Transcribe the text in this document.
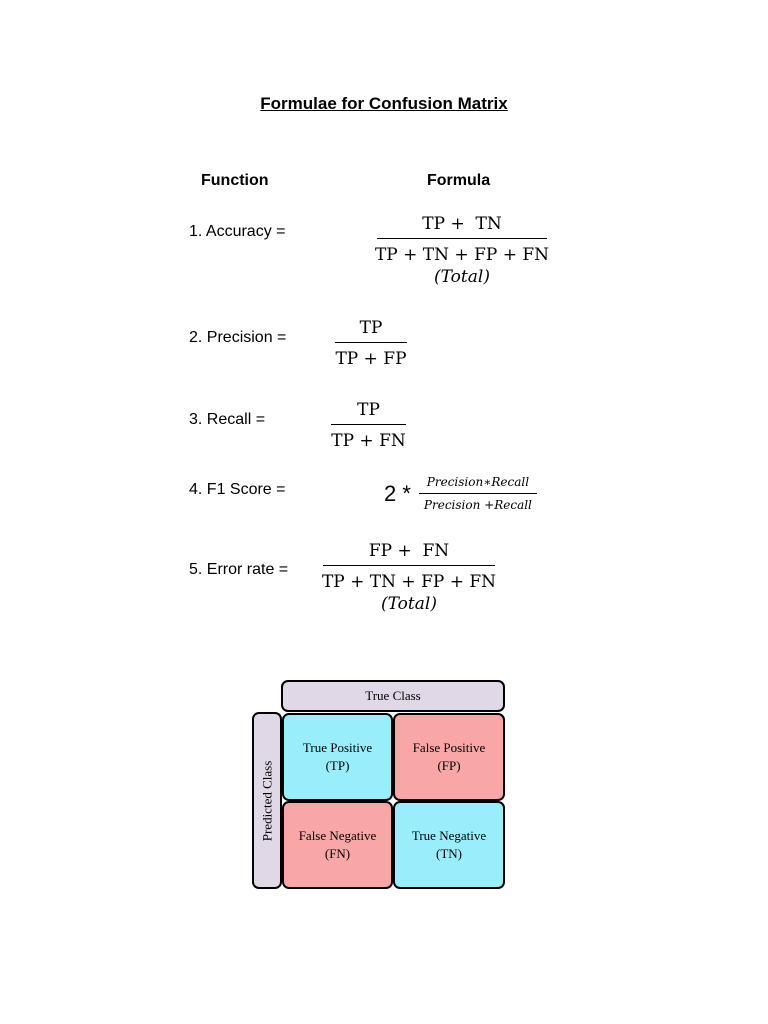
Formulae for Confusion Matrix
Function	Formula
1. Accuracy =	TP +  TN
TP + TN + FP + FN
(Total)
2. Precision =	TP
TP + FP
3. Recall =	TP
TP + FN
4. F1 Score =	2 * Precision∗Recall
Precision +Recall
5. Error rate =
FP +  FN
TP + TN + FP + FN
(Total)
True Class
Predicted Class
True Positive
(TP)
False Positive
(FP)
False Negative
(FN)
True Negative
(TN)
